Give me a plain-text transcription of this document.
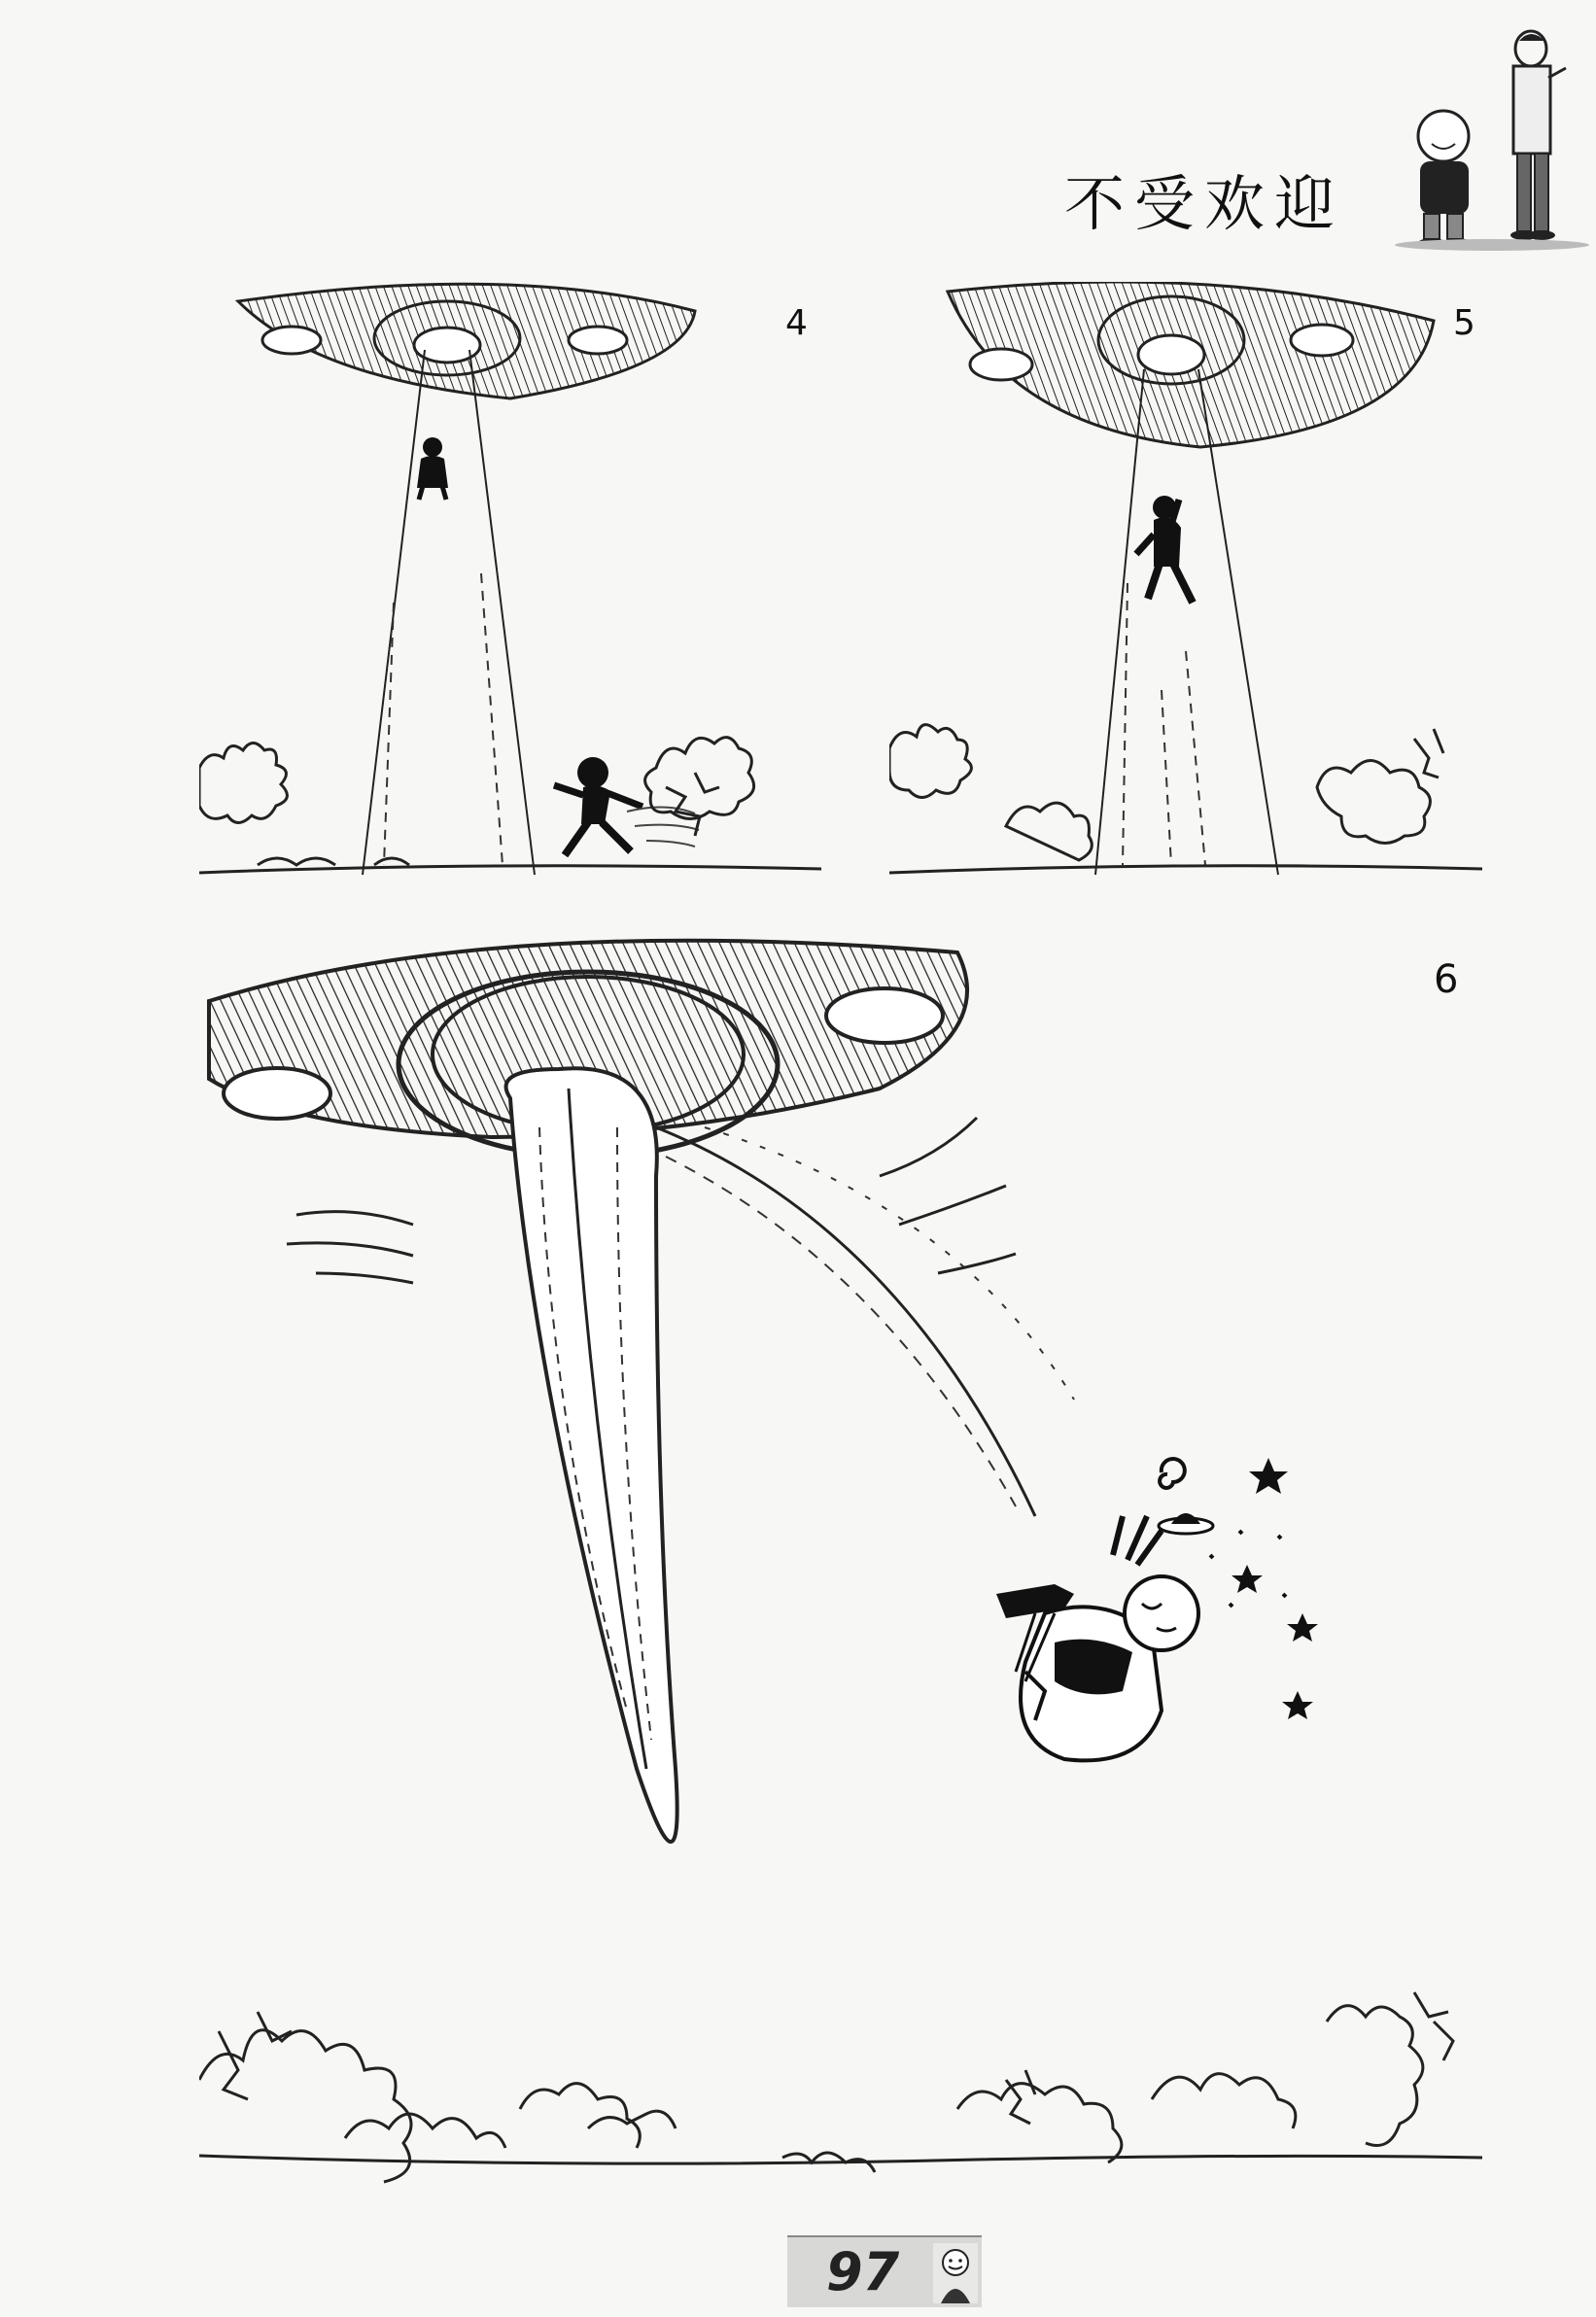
不受欢迎
4	5
6
97
